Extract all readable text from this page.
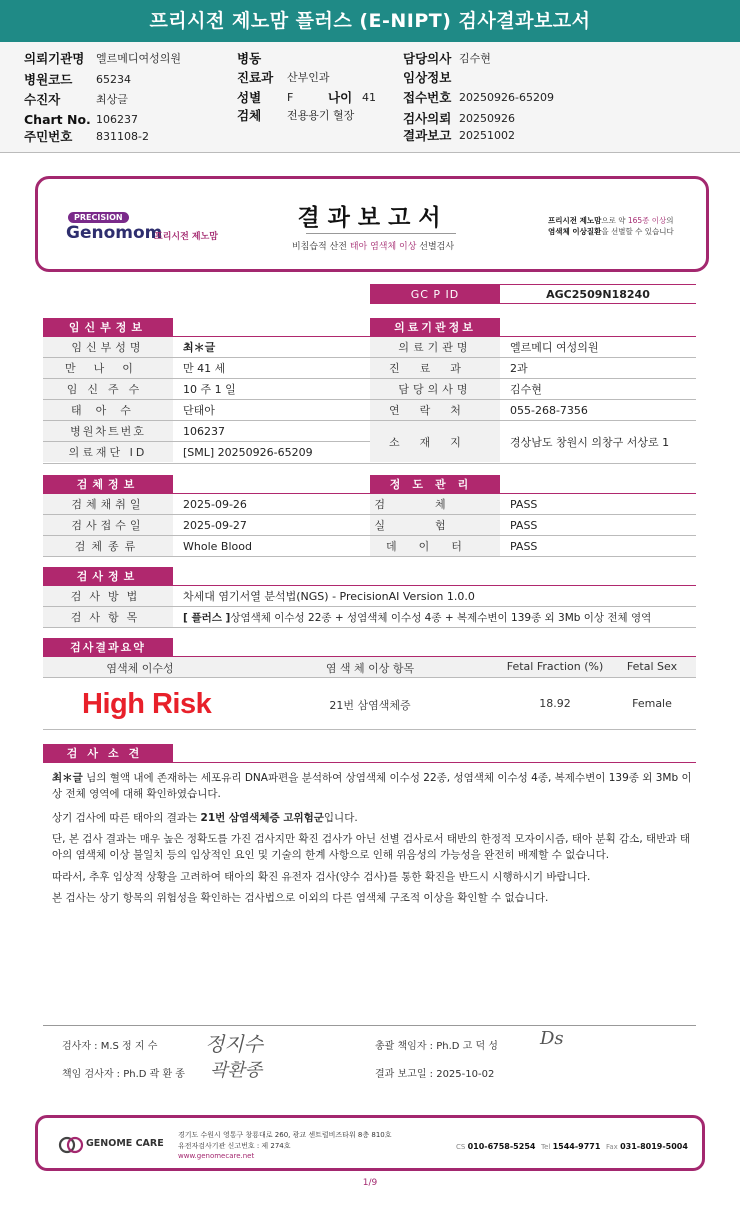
프리시전 제노맘 플러스 (E-NIPT) 검사결과보고서
의뢰기관명	엘르메디여성의원
병원코드	65234
수진자	최상글
Chart No. 106237
주민번호	831108-2
병동
진료과	산부인과
성별	F	나이 41
검체	전용용기 혈장
담당의사 김수현
임상정보
접수번호 20250926-65209
검사의뢰 20250926
결과보고 20251002
PRECISION
Genomom
프리시전 제노맘
결과보고서
비침습적 산전 태아 염색체 이상 선별검사
프리시전 제노맘으로 약 165종 이상의
염색체 이상질환을 선별할 수 있습니다
GC P ID	AGC2509N18240
임신부정보
임신부성명	최＊글
만나이	만 41 세
임신주수	10 주 1 일
태아수	단태아
병원차트번호	106237
의료재단 ID	[SML] 20250926-65209
의료기관정보
의료기관명	엘르메디 여성의원
진료과	2과
담당의사명	김수현
연락처	055-268-7356
소재지	경상남도 창원시 의창구 서상로 1
검체정보
검체채취일	2025-09-26
검사접수일	2025-09-27
검체종류	Whole Blood
정도관리
검체	PASS
실험	PASS
데이터	PASS
검사정보
검사방법	차세대 염기서열 분석법(NGS) - PrecisionAI Version 1.0.0
검사항목	[ 플러스 ] 상염색체 이수성 22종 + 성염색체 이수성 4종 + 복제수변이 139종 외 3Mb 이상 전체 영역
검사결과요약
염색체 이수성	염 색 체 이상 항목	Fetal Fraction (%)	Fetal Sex
High Risk	21번 삼염색체증	18.92	Female
검사소견
최＊글 님의 혈액 내에 존재하는 세포유리 DNA파편을 분석하여 상염색체 이수성 22종, 성염색체 이수성 4종, 복제수변이 139종 외 3Mb 이상 전체 영역에 대해 확인하였습니다.
상기 검사에 따른 태아의 결과는 21번 삼염색체증 고위험군입니다.
단, 본 검사 결과는 매우 높은 정확도를 가진 검사지만 확진 검사가 아닌 선별 검사로서 태반의 한정적 모자이시즘, 태아 분획 감소, 태반과 태아의 염색체 이상 불일치 등의 임상적인 요인 및 기술의 한계 사항으로 인해 위음성의 가능성을 완전히 배제할 수 없습니다.
따라서, 추후 임상적 상황을 고려하여 태아의 확진 유전자 검사(양수 검사)를 통한 확진을 반드시 시행하시기 바랍니다.
본 검사는 상기 항목의 위험성을 확인하는 검사법으로 이외의 다른 염색체 구조적 이상을 확인할 수 없습니다.
검사자 : M.S 정 지 수 정지수
책임 검사자 : Ph.D 곽 환 종 곽환종
총괄 책임자 : Ph.D 고 덕 성 Ds
결과 보고일 : 2025-10-02
GENOME CARE
경기도 수원시 영통구 창룡대로 260, 광교 센트럴비즈타워 8층 810호
유전자검사기관 신고번호 : 제 274호
www.genomecare.net
CS 010-6758-5254 Tel 1544-9771 Fax 031-8019-5004
1/9
